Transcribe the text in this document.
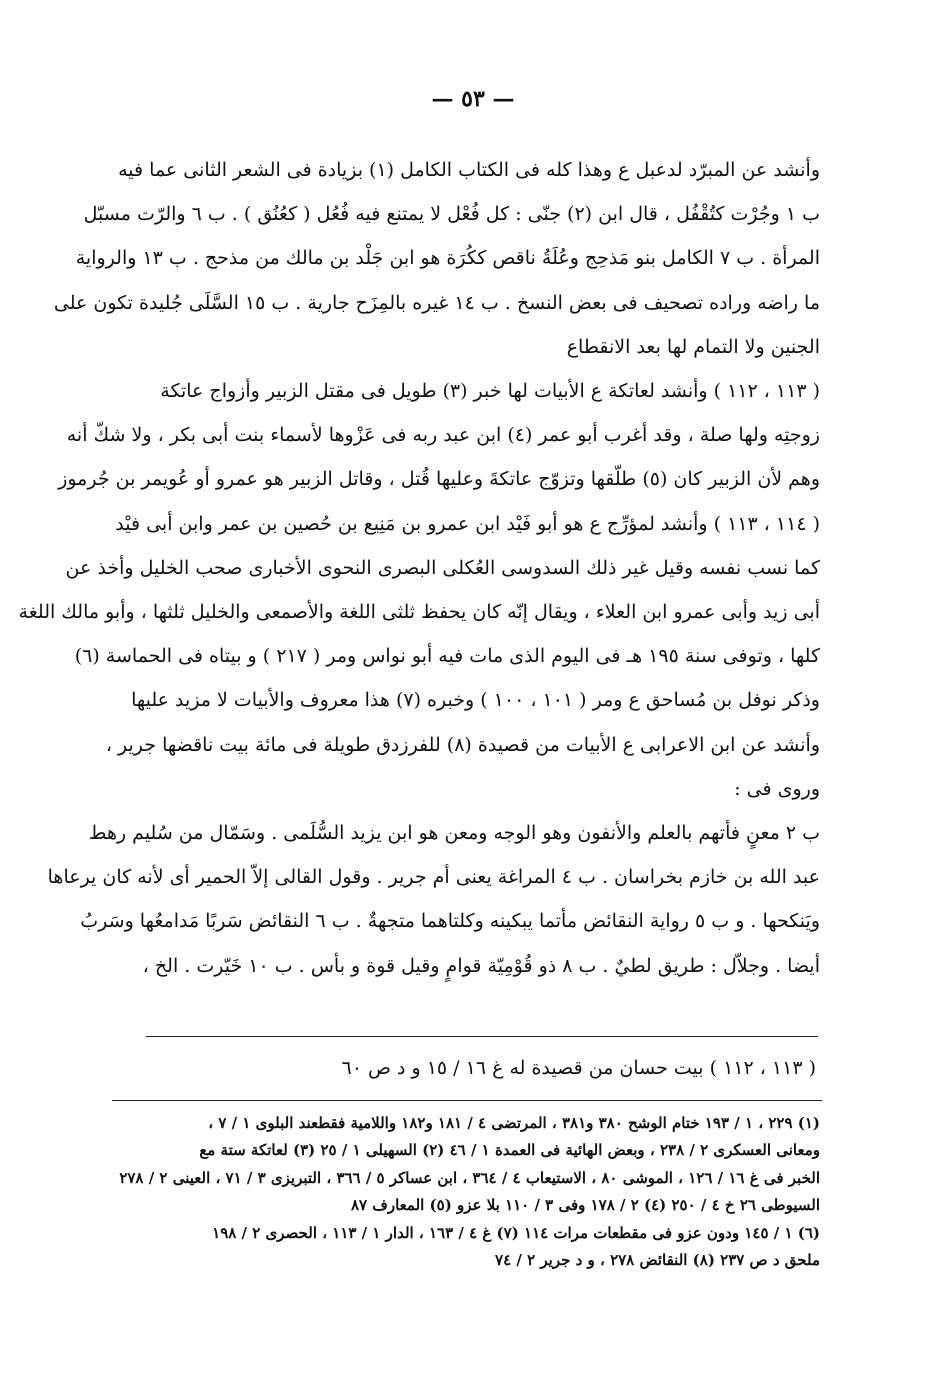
— ٥٣ —

وأنشد عن المبرّد لدعبل ع وهذا كله فى الكتاب الكامل (١) بزيادة فى الشعر الثانى عما فيه
ب ١ وجُرْت كتُقْفُل ، قال ابن (٢) جنّى : كل فُعْل لا يمتنع فيه فُعُل ( كعُنُق ) . ب ٦ والرّت مسبّل
المرأة . ب ٧ الكامل بنو مَذحِج وعُلَةُ ناقص ككُرَة هو ابن جَلْد بن مالك من مذحج . ب ١٣ والرواية
ما راضه وراده تصحيف فى بعض النسخ . ب ١٤ غيره بالمِزَح جارية . ب ١٥ السَّلَى جُليدة تكون على
الجنين ولا التمام لها بعد الانقطاع

( ١١٣ ، ١١٢ ) وأنشد لعاتكة ع الأبيات لها خبر (٣) طويل فى مقتل الزبير وأزواج عاتكة
زوجتِه ولها صلة ، وقد أغرب أبو عمر (٤) ابن عبد ربه فى عَزْوها لأسماء بنت أبى بكر ، ولا شكّ أنه
وهم لأن الزبير كان (٥) طلّقها وتزوّج عاتكةَ وعليها قُتل ، وقاتل الزبير هو عمرو أو عُويمر بن جُرموز

( ١١٤ ، ١١٣ ) وأنشد لمؤرِّج ع هو أبو فَيْد ابن عمرو بن مَنِيع بن حُصين بن عمر وابن أبى فيْد
كما نسب نفسه وقيل غير ذلك السدوسى العُكلى البصرى النحوى الأخبارى صحب الخليل وأخذ عن
أبى زيد وأبى عمرو ابن العلاء ، ويقال إنّه كان يحفظ ثلثى اللغة والأصمعى والخليل ثلثها ، وأبو مالك اللغة
كلها ، وتوفى سنة ١٩٥ هـ فى اليوم الذى مات فيه أبو نواس ومر ( ٢١٧ ) و بيتاه فى الحماسة (٦)

وذكر نوفل بن مُساحق ع ومر ( ١٠١ ، ١٠٠ ) وخبره (٧) هذا معروف والأبيات لا مزيد عليها
وأنشد عن ابن الاعرابى ع الأبيات من قصيدة (٨) للفرزدق طويلة فى مائة بيت ناقضها جرير ،
وروى فى :

ب ٢ معنٍ فأتهم بالعلم والأنفون وهو الوجه ومعن هو ابن يزيد السُّلَمى . وسَمّال من سُليم رهط
عبد الله بن خازم بخراسان . ب ٤ المراغة يعنى أم جرير . وقول القالى إلاّ الحمير أى لأنه كان يرعاها
ويَنكحها . و ب ٥ رواية النقائض مأتما يبكينه وكلتاهما متجهةٌ . ب ٦ النقائض سَربًا مَدامعُها وسَربُ
أيضا . وجلاّل : طريق لطيٌ . ب ٨ ذو قُوْمِيّة قوامٍ وقيل قوة و بأس . ب ١٠ خَيّرت . الخ ،

( ١١٣ ، ١١٢ ) بيت حسان من قصيدة له غ ١٦ / ١٥ و د ص ٦٠
(١) ٢٢٩ ، ١ / ١٩٣ ختام الوشح ٣٨٠ و٣٨١ ، المرتضى ٤ / ١٨١ و١٨٢ واللامية فقطعند البلوى ١ / ٧ ،
ومعانى العسكرى ٢ / ٢٣٨ ، وبعض الهائية فى العمدة ١ / ٤٦ (٢) السهيلى ١ / ٢٥ (٣) لعاتكة ستة مع
الخبر فى غ ١٦ / ١٢٦ ، الموشى ٨٠ ، الاستيعاب ٤ / ٣٦٤ ، ابن عساكر ٥ / ٣٦٦ ، التبريزى ٣ / ٧١ ، العينى ٢ / ٢٧٨
السيوطى ٢٦ خ ٤ / ٢٥٠ (٤) ٢ / ١٧٨ وفى ٣ / ١١٠ بلا عزو (٥) المعارف ٨٧
(٦) ١ / ١٤٥ ودون عزو فى مقطعات مرات ١١٤ (٧) غ ٤ / ١٦٣ ، الدار ١ / ١١٣ ، الحصرى ٢ / ١٩٨
ملحق د ص ٢٣٧ (٨) النقائض ٢٧٨ ، و د جرير ٢ / ٧٤
